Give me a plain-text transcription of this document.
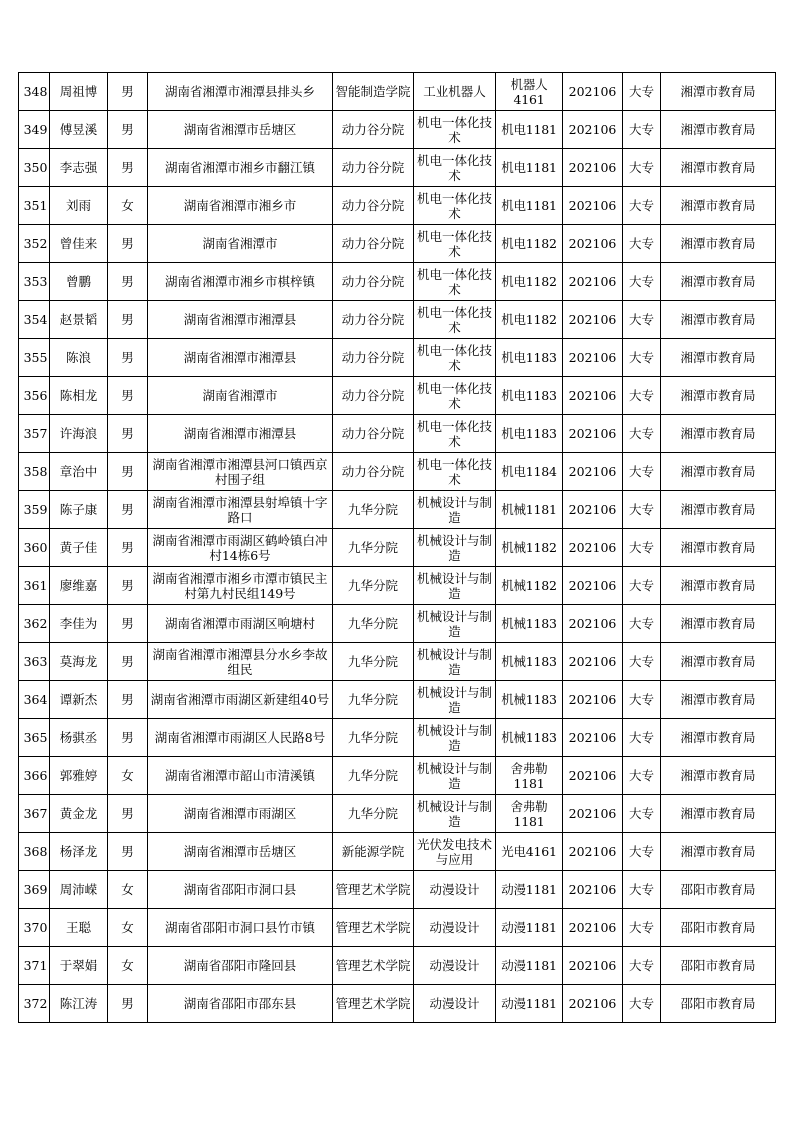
348	周祖博	男	湖南省湘潭市湘潭县排头乡	智能制造学院	工业机器人	机器人4161	202106	大专	湘潭市教育局

349	傅昱溪	男	湖南省湘潭市岳塘区	动力谷分院	机电一体化技术	机电1181	202106	大专	湘潭市教育局

350	李志强	男	湖南省湘潭市湘乡市翻江镇	动力谷分院	机电一体化技术	机电1181	202106	大专	湘潭市教育局

351	刘雨	女	湖南省湘潭市湘乡市	动力谷分院	机电一体化技术	机电1181	202106	大专	湘潭市教育局

352	曾佳来	男	湖南省湘潭市	动力谷分院	机电一体化技术	机电1182	202106	大专	湘潭市教育局

353	曾鹏	男	湖南省湘潭市湘乡市棋梓镇	动力谷分院	机电一体化技术	机电1182	202106	大专	湘潭市教育局

354	赵景韬	男	湖南省湘潭市湘潭县	动力谷分院	机电一体化技术	机电1182	202106	大专	湘潭市教育局

355	陈浪	男	湖南省湘潭市湘潭县	动力谷分院	机电一体化技术	机电1183	202106	大专	湘潭市教育局

356	陈相龙	男	湖南省湘潭市	动力谷分院	机电一体化技术	机电1183	202106	大专	湘潭市教育局

357	许海浪	男	湖南省湘潭市湘潭县	动力谷分院	机电一体化技术	机电1183	202106	大专	湘潭市教育局

358	章治中	男	湖南省湘潭市湘潭县河口镇西京村围子组	动力谷分院	机电一体化技术	机电1184	202106	大专	湘潭市教育局

359	陈子康	男	湖南省湘潭市湘潭县射埠镇十字路口	九华分院	机械设计与制造	机械1181	202106	大专	湘潭市教育局

360	黄子佳	男	湖南省湘潭市雨湖区鹤岭镇白冲村14栋6号	九华分院	机械设计与制造	机械1182	202106	大专	湘潭市教育局

361	廖维嘉	男	湖南省湘潭市湘乡市潭市镇民主村第九村民组149号	九华分院	机械设计与制造	机械1182	202106	大专	湘潭市教育局

362	李佳为	男	湖南省湘潭市雨湖区响塘村	九华分院	机械设计与制造	机械1183	202106	大专	湘潭市教育局

363	莫海龙	男	湖南省湘潭市湘潭县分水乡李故组民	九华分院	机械设计与制造	机械1183	202106	大专	湘潭市教育局

364	谭新杰	男	湖南省湘潭市雨湖区新建组40号	九华分院	机械设计与制造	机械1183	202106	大专	湘潭市教育局

365	杨骐丞	男	湖南省湘潭市雨湖区人民路8号	九华分院	机械设计与制造	机械1183	202106	大专	湘潭市教育局

366	郭雅婷	女	湖南省湘潭市韶山市清溪镇	九华分院	机械设计与制造	舍弗勒1181	202106	大专	湘潭市教育局

367	黄金龙	男	湖南省湘潭市雨湖区	九华分院	机械设计与制造	舍弗勒1181	202106	大专	湘潭市教育局

368	杨泽龙	男	湖南省湘潭市岳塘区	新能源学院	光伏发电技术与应用	光电4161	202106	大专	湘潭市教育局

369	周沛嵘	女	湖南省邵阳市洞口县	管理艺术学院	动漫设计	动漫1181	202106	大专	邵阳市教育局

370	王聪	女	湖南省邵阳市洞口县竹市镇	管理艺术学院	动漫设计	动漫1181	202106	大专	邵阳市教育局

371	于翠娟	女	湖南省邵阳市隆回县	管理艺术学院	动漫设计	动漫1181	202106	大专	邵阳市教育局

372	陈江涛	男	湖南省邵阳市邵东县	管理艺术学院	动漫设计	动漫1181	202106	大专	邵阳市教育局
